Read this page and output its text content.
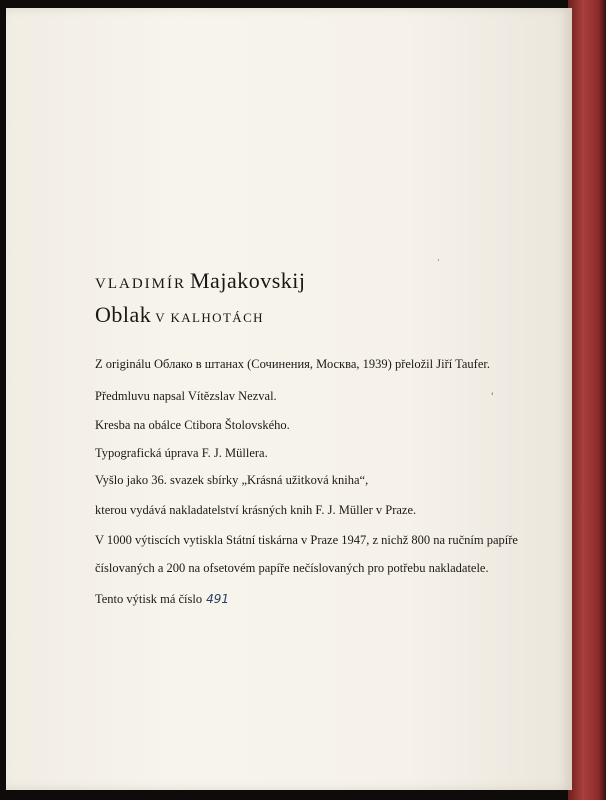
VLADIMÍR Majakovskij
Oblak V KALHOTÁCH
Z originálu Облако в штанах (Сочинения, Москва, 1939) přeložil Jiří Taufer.
Předmluvu napsal Vítězslav Nezval.
Kresba na obálce Ctibora Štolovského.
Typografická úprava F. J. Müllera.
Vyšlo jako 36. svazek sbírky „Krásná užitková kniha“,
kterou vydává nakladatelství krásných knih F. J. Müller v Praze.
V 1000 výtiscích vytiskla Státní tiskárna v Praze 1947, z nichž 800 na ručním papíře
číslovaných a 200 na ofsetovém papíře nečíslovaných pro potřebu nakladatele.
Tento výtisk má číslo 491
·
'
